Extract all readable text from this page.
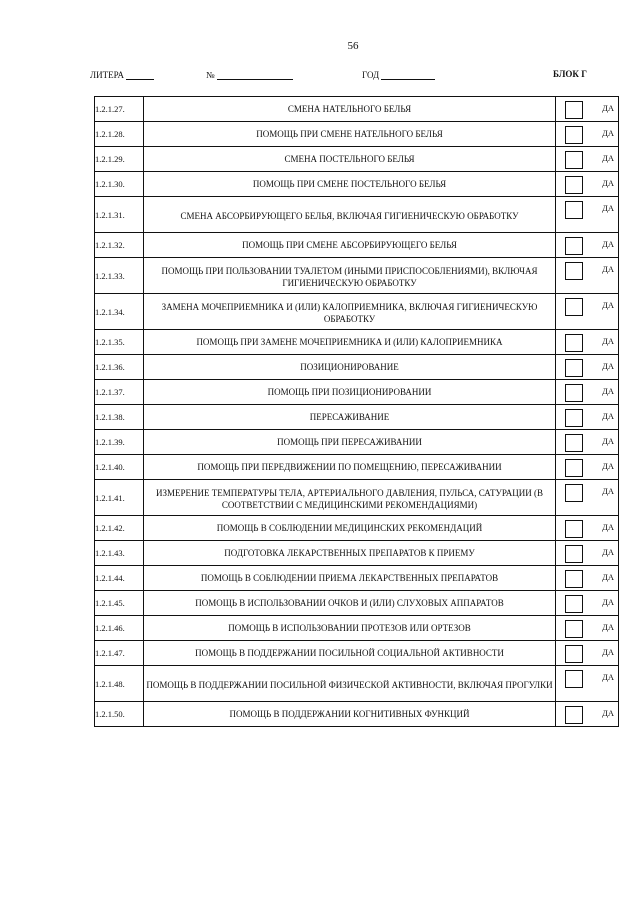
56
ЛИТЕРА	№	ГОД	БЛОК Г
1.2.1.27.	СМЕНА НАТЕЛЬНОГО БЕЛЬЯ	ДА

1.2.1.28.	ПОМОЩЬ ПРИ СМЕНЕ НАТЕЛЬНОГО БЕЛЬЯ	ДА

1.2.1.29.	СМЕНА ПОСТЕЛЬНОГО БЕЛЬЯ	ДА

1.2.1.30.	ПОМОЩЬ ПРИ СМЕНЕ ПОСТЕЛЬНОГО БЕЛЬЯ	ДА

1.2.1.31.	СМЕНА АБСОРБИРУЮЩЕГО БЕЛЬЯ, ВКЛЮЧАЯ ГИГИЕНИЧЕСКУЮ ОБРАБОТКУ	ДА

1.2.1.32.	ПОМОЩЬ ПРИ СМЕНЕ АБСОРБИРУЮЩЕГО БЕЛЬЯ	ДА

1.2.1.33.	ПОМОЩЬ ПРИ ПОЛЬЗОВАНИИ ТУАЛЕТОМ (ИНЫМИ ПРИСПОСОБЛЕНИЯМИ), ВКЛЮЧАЯ ГИГИЕНИЧЕСКУЮ ОБРАБОТКУ	ДА

1.2.1.34.	ЗАМЕНА МОЧЕПРИЕМНИКА И (ИЛИ) КАЛОПРИЕМНИКА, ВКЛЮЧАЯ ГИГИЕНИЧЕСКУЮ ОБРАБОТКУ	ДА

1.2.1.35.	ПОМОЩЬ ПРИ ЗАМЕНЕ МОЧЕПРИЕМНИКА И (ИЛИ) КАЛОПРИЕМНИКА	ДА

1.2.1.36.	ПОЗИЦИОНИРОВАНИЕ	ДА

1.2.1.37.	ПОМОЩЬ ПРИ ПОЗИЦИОНИРОВАНИИ	ДА

1.2.1.38.	ПЕРЕСАЖИВАНИЕ	ДА

1.2.1.39.	ПОМОЩЬ ПРИ ПЕРЕСАЖИВАНИИ	ДА

1.2.1.40.	ПОМОЩЬ ПРИ ПЕРЕДВИЖЕНИИ ПО ПОМЕЩЕНИЮ, ПЕРЕСАЖИВАНИИ	ДА

1.2.1.41.	ИЗМЕРЕНИЕ ТЕМПЕРАТУРЫ ТЕЛА, АРТЕРИАЛЬНОГО ДАВЛЕНИЯ, ПУЛЬСА, САТУРАЦИИ (В СООТВЕТСТВИИ С МЕДИЦИНСКИМИ РЕКОМЕНДАЦИЯМИ)	ДА

1.2.1.42.	ПОМОЩЬ В СОБЛЮДЕНИИ МЕДИЦИНСКИХ РЕКОМЕНДАЦИЙ	ДА

1.2.1.43.	ПОДГОТОВКА ЛЕКАРСТВЕННЫХ ПРЕПАРАТОВ К ПРИЕМУ	ДА

1.2.1.44.	ПОМОЩЬ В СОБЛЮДЕНИИ ПРИЕМА ЛЕКАРСТВЕННЫХ ПРЕПАРАТОВ	ДА

1.2.1.45.	ПОМОЩЬ В ИСПОЛЬЗОВАНИИ ОЧКОВ И (ИЛИ) СЛУХОВЫХ АППАРАТОВ	ДА

1.2.1.46.	ПОМОЩЬ В ИСПОЛЬЗОВАНИИ ПРОТЕЗОВ ИЛИ ОРТЕЗОВ	ДА

1.2.1.47.	ПОМОЩЬ В ПОДДЕРЖАНИИ ПОСИЛЬНОЙ СОЦИАЛЬНОЙ АКТИВНОСТИ	ДА

1.2.1.48.	ПОМОЩЬ В ПОДДЕРЖАНИИ ПОСИЛЬНОЙ ФИЗИЧЕСКОЙ АКТИВНОСТИ, ВКЛЮЧАЯ ПРОГУЛКИ	ДА

1.2.1.50.	ПОМОЩЬ В ПОДДЕРЖАНИИ КОГНИТИВНЫХ ФУНКЦИЙ	ДА
